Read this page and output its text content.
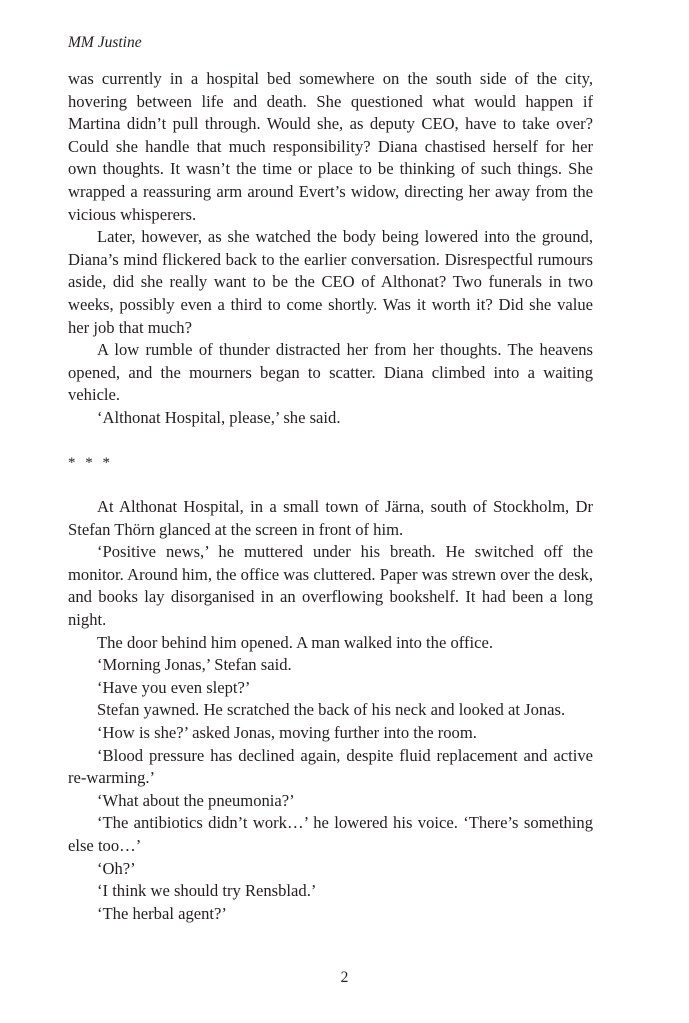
MM Justine

was currently in a hospital bed somewhere on the south side of the city, hovering between life and death. She questioned what would happen if Martina didn’t pull through. Would she, as deputy CEO, have to take over? Could she handle that much responsibility? Diana chastised herself for her own thoughts. It wasn’t the time or place to be thinking of such things. She wrapped a reassuring arm around Evert’s widow, directing her away from the vicious whisperers.

Later, however, as she watched the body being lowered into the ground, Diana’s mind flickered back to the earlier conversation. Disrespectful rumours aside, did she really want to be the CEO of Althonat? Two funerals in two weeks, possibly even a third to come shortly. Was it worth it? Did she value her job that much?

A low rumble of thunder distracted her from her thoughts. The heavens opened, and the mourners began to scatter. Diana climbed into a waiting vehicle.

‘Althonat Hospital, please,’ she said.

* * *

At Althonat Hospital, in a small town of Järna, south of Stockholm, Dr Stefan Thörn glanced at the screen in front of him.

‘Positive news,’ he muttered under his breath. He switched off the monitor. Around him, the office was cluttered. Paper was strewn over the desk, and books lay disorganised in an overflowing bookshelf. It had been a long night.

The door behind him opened. A man walked into the office.

‘Morning Jonas,’ Stefan said.

‘Have you even slept?’

Stefan yawned. He scratched the back of his neck and looked at Jonas.

‘How is she?’ asked Jonas, moving further into the room.

‘Blood pressure has declined again, despite fluid replacement and active re-warming.’

‘What about the pneumonia?’

‘The antibiotics didn’t work…’ he lowered his voice. ‘There’s something else too…’

‘Oh?’

‘I think we should try Rensblad.’

‘The herbal agent?’

2
